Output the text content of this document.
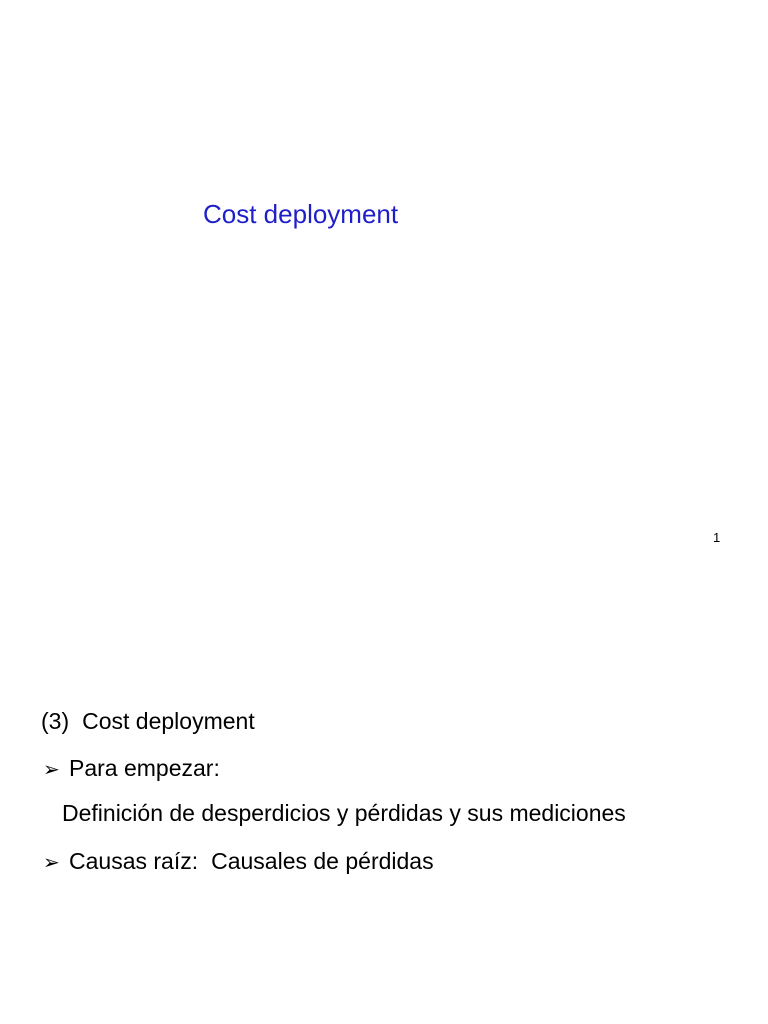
Cost deployment
1
(3) Cost deployment
➢ Para empezar:
Definición de desperdicios y pérdidas y sus mediciones
➢ Causas raíz: Causales de pérdidas
